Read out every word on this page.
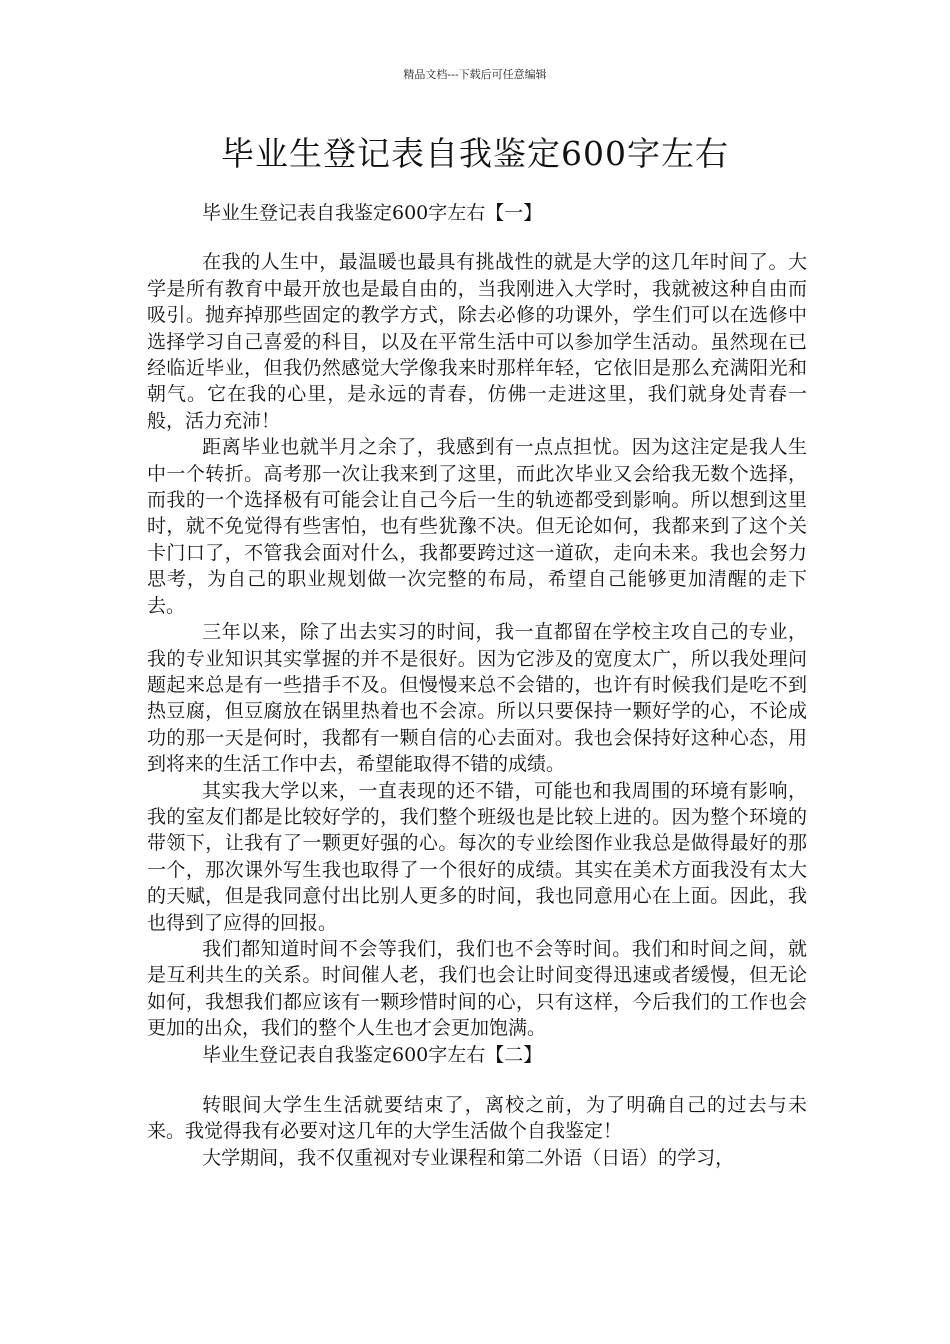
精品文档---下载后可任意编辑
毕业生登记表自我鉴定600字左右
毕业生登记表自我鉴定600字左右【一】

在我的人生中，最温暖也最具有挑战性的就是大学的这几年时间了。大学是所有教育中最开放也是最自由的，当我刚进入大学时，我就被这种自由而吸引。抛弃掉那些固定的教学方式，除去必修的功课外，学生们可以在选修中选择学习自己喜爱的科目，以及在平常生活中可以参加学生活动。虽然现在已经临近毕业，但我仍然感觉大学像我来时那样年轻，它依旧是那么充满阳光和朝气。它在我的心里，是永远的青春，仿佛一走进这里，我们就身处青春一般，活力充沛！

距离毕业也就半月之余了，我感到有一点点担忧。因为这注定是我人生中一个转折。高考那一次让我来到了这里，而此次毕业又会给我无数个选择，而我的一个选择极有可能会让自己今后一生的轨迹都受到影响。所以想到这里时，就不免觉得有些害怕，也有些犹豫不决。但无论如何，我都来到了这个关卡门口了，不管我会面对什么，我都要跨过这一道砍，走向未来。我也会努力思考，为自己的职业规划做一次完整的布局，希望自己能够更加清醒的走下去。

三年以来，除了出去实习的时间，我一直都留在学校主攻自己的专业，我的专业知识其实掌握的并不是很好。因为它涉及的宽度太广，所以我处理问题起来总是有一些措手不及。但慢慢来总不会错的，也许有时候我们是吃不到热豆腐，但豆腐放在锅里热着也不会凉。所以只要保持一颗好学的心，不论成功的那一天是何时，我都有一颗自信的心去面对。我也会保持好这种心态，用到将来的生活工作中去，希望能取得不错的成绩。

其实我大学以来，一直表现的还不错，可能也和我周围的环境有影响，我的室友们都是比较好学的，我们整个班级也是比较上进的。因为整个环境的带领下，让我有了一颗更好强的心。每次的专业绘图作业我总是做得最好的那一个，那次课外写生我也取得了一个很好的成绩。其实在美术方面我没有太大的天赋，但是我同意付出比别人更多的时间，我也同意用心在上面。因此，我也得到了应得的回报。

我们都知道时间不会等我们，我们也不会等时间。我们和时间之间，就是互利共生的关系。时间催人老，我们也会让时间变得迅速或者缓慢，但无论如何，我想我们都应该有一颗珍惜时间的心，只有这样，今后我们的工作也会更加的出众，我们的整个人生也才会更加饱满。

毕业生登记表自我鉴定600字左右【二】

转眼间大学生生活就要结束了，离校之前，为了明确自己的过去与未来。我觉得我有必要对这几年的大学生活做个自我鉴定！

大学期间，我不仅重视对专业课程和第二外语（日语）的学习，
